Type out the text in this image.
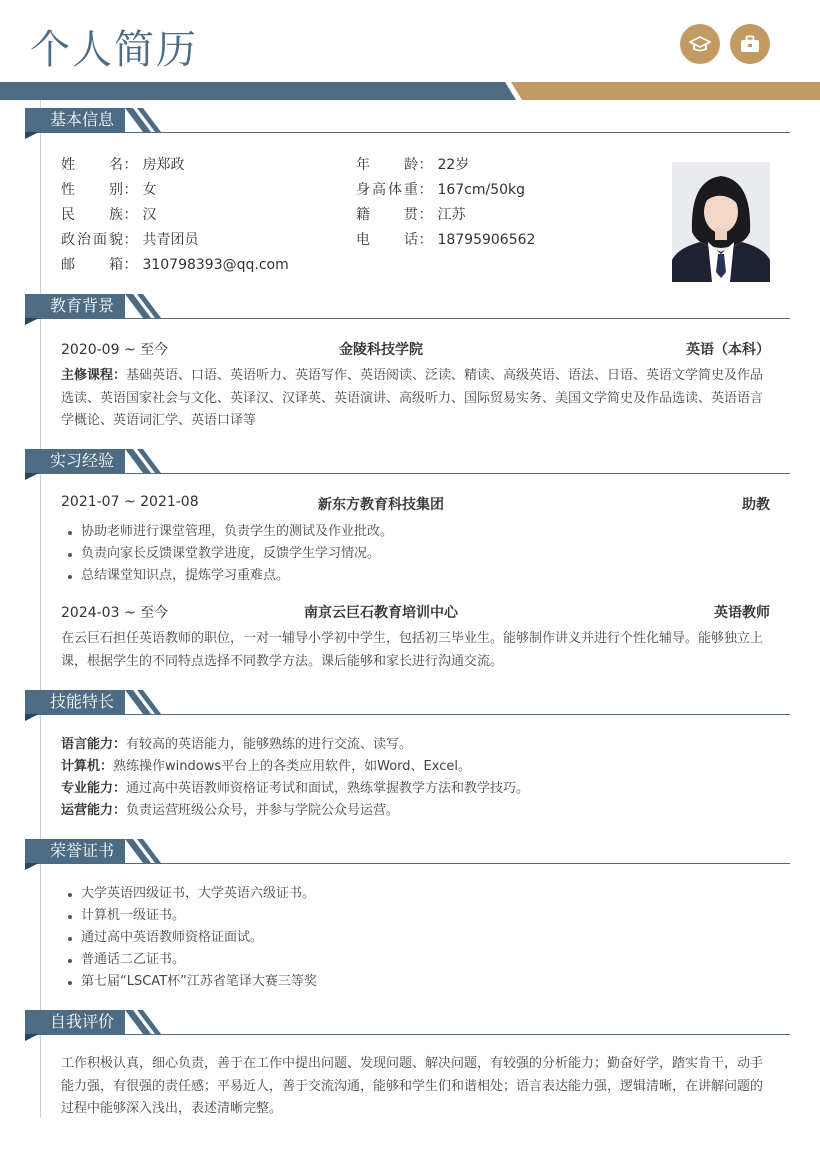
个人简历
基本信息
姓名： 房郑政
性别： 女
民族： 汉
政治面貌： 共青团员
邮箱： 310798393@qq.com
年龄： 22岁
身高体重： 167cm/50kg
籍贯： 江苏
电话： 18795906562
教育背景
2020-09 ~ 至今	金陵科技学院	英语（本科）
主修课程：基础英语、口语、英语听力、英语写作、英语阅读、泛读、精读、高级英语、语法、日语、英语文学简史及作品选读、英语国家社会与文化、英译汉、汉译英、英语演讲、高级听力、国际贸易实务、美国文学简史及作品选读、英语语言学概论、英语词汇学、英语口译等
实习经验
2021-07 ~ 2021-08	新东方教育科技集团	助教
协助老师进行课堂管理，负责学生的测试及作业批改。
负责向家长反馈课堂教学进度，反馈学生学习情况。
总结课堂知识点，提炼学习重难点。
2024-03 ~ 至今	南京云巨石教育培训中心	英语教师
在云巨石担任英语教师的职位，一对一辅导小学初中学生，包括初三毕业生。能够制作讲义并进行个性化辅导。能够独立上课，根据学生的不同特点选择不同教学方法。课后能够和家长进行沟通交流。
技能特长
语言能力：有较高的英语能力，能够熟练的进行交流、读写。
计算机：熟练操作windows平台上的各类应用软件，如Word、Excel。
专业能力：通过高中英语教师资格证考试和面试，熟练掌握教学方法和教学技巧。
运营能力：负责运营班级公众号，并参与学院公众号运营。
荣誉证书
大学英语四级证书，大学英语六级证书。
计算机一级证书。
通过高中英语教师资格证面试。
普通话二乙证书。
第七届“LSCAT杯”江苏省笔译大赛三等奖
自我评价
工作积极认真，细心负责，善于在工作中提出问题、发现问题、解决问题，有较强的分析能力；勤奋好学，踏实肯干，动手能力强，有很强的责任感；平易近人，善于交流沟通，能够和学生们和谐相处；语言表达能力强，逻辑清晰，在讲解问题的过程中能够深入浅出，表述清晰完整。
